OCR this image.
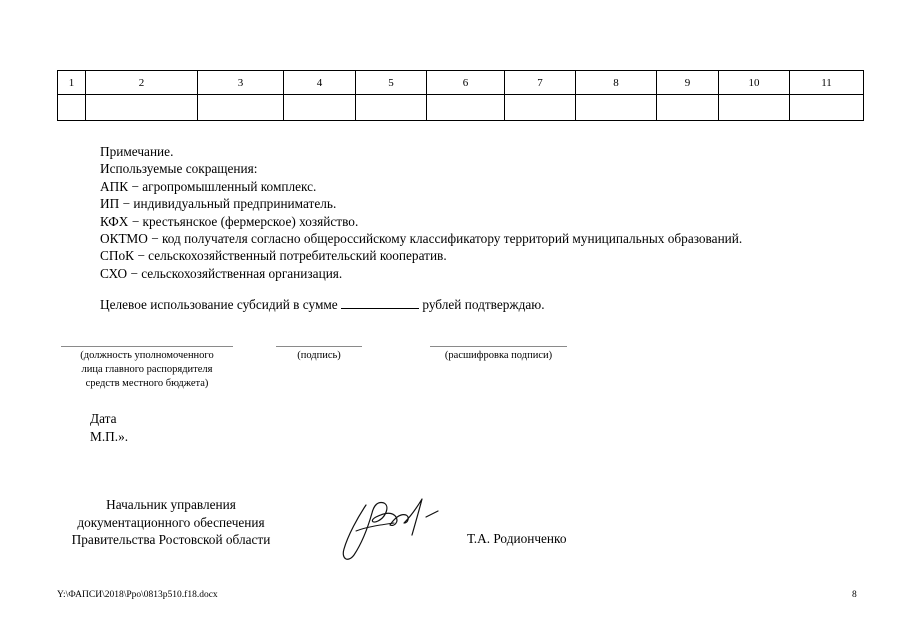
1	2	3	4	5	6	7	8	9	10	11

Примечание.
Используемые сокращения:
АПК − агропромышленный комплекс.
ИП − индивидуальный предприниматель.
КФХ − крестьянское (фермерское) хозяйство.
ОКТМО − код получателя согласно общероссийскому классификатору территорий муниципальных образований.
СПоК − сельскохозяйственный потребительский кооператив.
СХО − сельскохозяйственная организация.
Целевое использование субсидий в сумме	рублей подтверждаю.
(должность уполномоченного
лица главного распорядителя
средств местного бюджета)
(подпись)	(расшифровка подписи)
Дата
М.П.».
Начальник управления
документационного обеспечения
Правительства Ростовской области	Т.А. Родионченко
Y:\ФАПСИ\2018\Pро\0813p510.f18.docx	8
